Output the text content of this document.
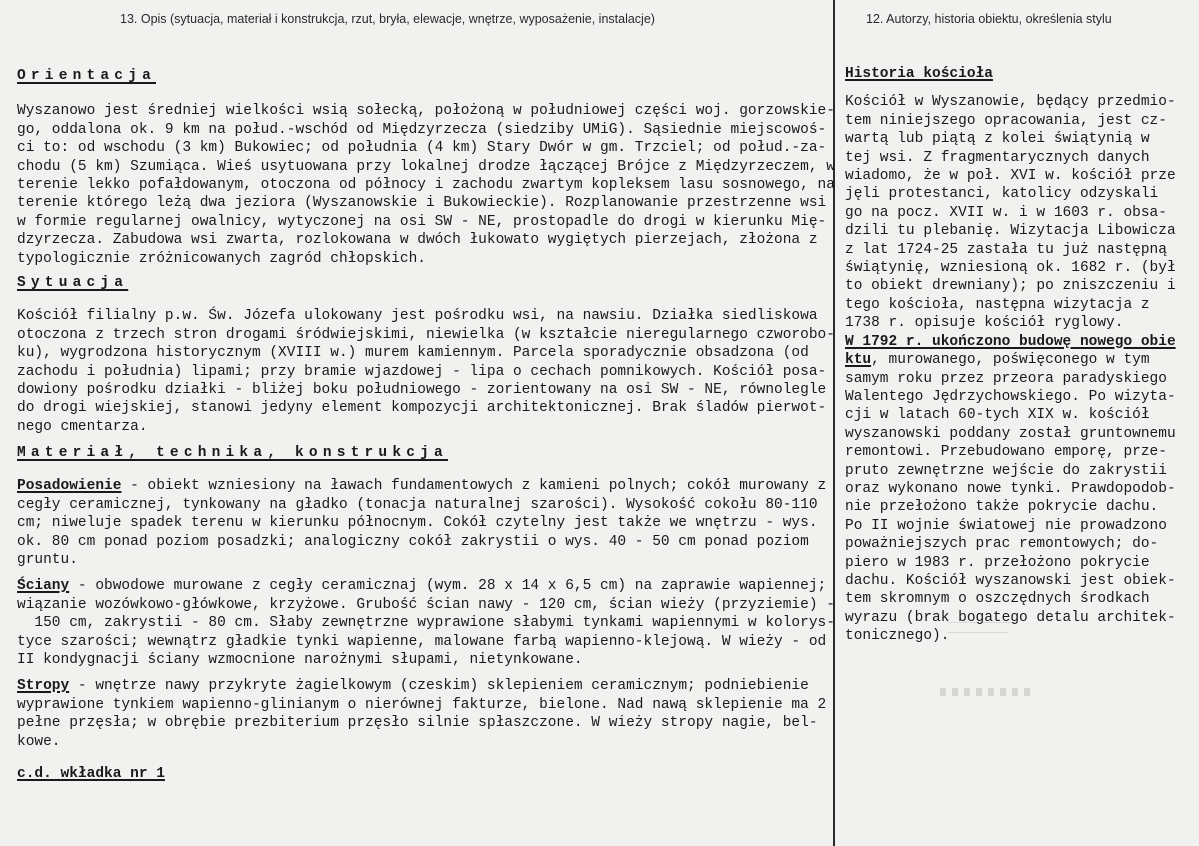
13. Opis (sytuacja, materiał i konstrukcja, rzut, bryła, elewacje, wnętrze, wyposażenie, instalacje)	12. Autorzy, historia obiektu, określenia stylu

Orientacja

Wyszanowo jest średniej wielkości wsią sołecką, położoną w południowej części woj. gorzowskie-

go, oddalona ok. 9 km na połud.-wschód od Międzyrzecza (siedziby UMiG). Sąsiednie miejscowoś-

ci to: od wschodu (3 km) Bukowiec; od południa (4 km) Stary Dwór w gm. Trzciel; od połud.-za-

chodu (5 km) Szumiąca. Wieś usytuowana przy lokalnej drodze łączącej Brójce z Międzyrzeczem, w

terenie lekko pofałdowanym, otoczona od północy i zachodu zwartym kopleksem lasu sosnowego, na

terenie którego leżą dwa jeziora (Wyszanowskie i Bukowieckie). Rozplanowanie przestrzenne wsi

w formie regularnej owalnicy, wytyczonej na osi SW - NE, prostopadle do drogi w kierunku Mię-

dzyrzecza. Zabudowa wsi zwarta, rozlokowana w dwóch łukowato wygiętych pierzejach, złożona z

typologicznie zróżnicowanych zagród chłopskich.

Sytuacja

Kościół filialny p.w. Św. Józefa ulokowany jest pośrodku wsi, na nawsiu. Działka siedliskowa

otoczona z trzech stron drogami śródwiejskimi, niewielka (w kształcie nieregularnego czworobo-

ku), wygrodzona historycznym (XVIII w.) murem kamiennym. Parcela sporadycznie obsadzona (od

zachodu i południa) lipami; przy bramie wjazdowej - lipa o cechach pomnikowych. Kościół posa-

dowiony pośrodku działki - bliżej boku południowego - zorientowany na osi SW - NE, równolegle

do drogi wiejskiej, stanowi jedyny element kompozycji architektonicznej. Brak śladów pierwot-

nego cmentarza.

Materiał, technika, konstrukcja

Posadowienie - obiekt wzniesiony na ławach fundamentowych z kamieni polnych; cokół murowany z

cegły ceramicznej, tynkowany na gładko (tonacja naturalnej szarości). Wysokość cokołu 80-110

cm; niweluje spadek terenu w kierunku północnym. Cokół czytelny jest także we wnętrzu - wys.

ok. 80 cm ponad poziom posadzki; analogiczny cokół zakrystii o wys. 40 - 50 cm ponad poziom

gruntu.

Ściany - obwodowe murowane z cegły ceramicznaj (wym. 28 x 14 x 6,5 cm) na zaprawie wapiennej;

wiązanie wozówkowo-główkowe, krzyżowe. Grubość ścian nawy - 120 cm, ścian wieży (przyziemie) -

150 cm, zakrystii - 80 cm. Słaby zewnętrzne wyprawione słabymi tynkami wapiennymi w kolorys-

tyce szarości; wewnątrz gładkie tynki wapienne, malowane farbą wapienno-klejową. W wieży - od

II kondygnacji ściany wzmocnione narożnymi słupami, nietynkowane.

Stropy - wnętrze nawy przykryte żagielkowym (czeskim) sklepieniem ceramicznym; podniebienie

wyprawione tynkiem wapienno-glinianym o nierównej fakturze, bielone. Nad nawą sklepienie ma 2

pełne przęsła; w obrębie prezbiterium przęsło silnie spłaszczone. W wieży stropy nagie, bel-

kowe.

c.d. wkładka nr 1

Historia kościoła

Kościół w Wyszanowie, będący przedmio-

tem niniejszego opracowania, jest cz-

wartą lub piątą z kolei świątynią w

tej wsi. Z fragmentarycznych danych

wiadomo, że w poł. XVI w. kościół prze

jęli protestanci, katolicy odzyskali

go na pocz. XVII w. i w 1603 r. obsa-

dzili tu plebanię. Wizytacja Libowicza

z lat 1724-25 zastała tu już następną

świątynię, wzniesioną ok. 1682 r. (był

to obiekt drewniany); po zniszczeniu i

tego kościoła, następna wizytacja z

1738 r. opisuje kościół ryglowy.

W 1792 r. ukończono budowę nowego obie

ktu, murowanego, poświęconego w tym

samym roku przez przeora paradyskiego

Walentego Jędrzychowskiego. Po wizyta-

cji w latach 60-tych XIX w. kościół

wyszanowski poddany został gruntownemu

remontowi. Przebudowano emporę, prze-

pruto zewnętrzne wejście do zakrystii

oraz wykonano nowe tynki. Prawdopodob-

nie przełożono także pokrycie dachu.

Po II wojnie światowej nie prowadzono

poważniejszych prac remontowych; do-

piero w 1983 r. przełożono pokrycie

dachu. Kościół wyszanowski jest obiek-

tem skromnym o oszczędnych środkach

wyrazu (brak bogatego detalu architek-

tonicznego).
